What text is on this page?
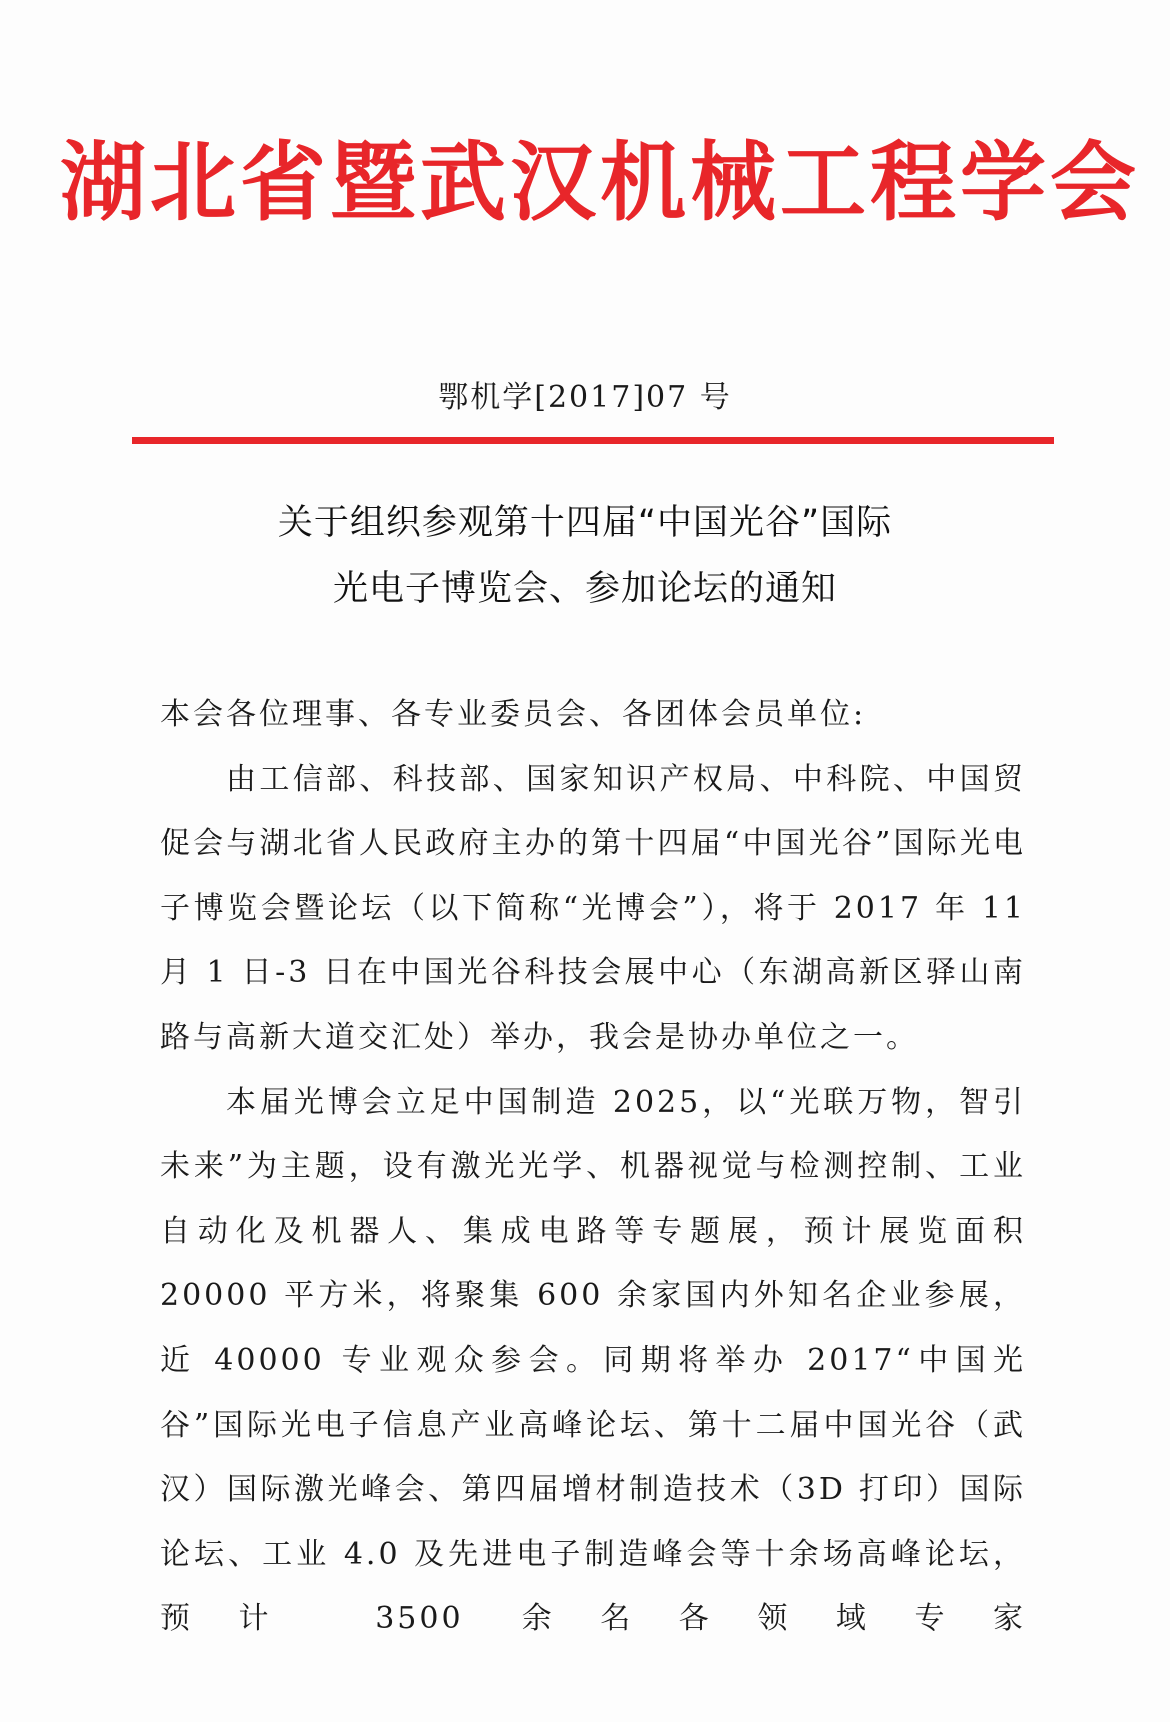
湖北省暨武汉机械工程学会
鄂机学[2017]07 号
关于组织参观第十四届“中国光谷”国际
光电子博览会、参加论坛的通知

本会各位理事、各专业委员会、各团体会员单位:

由工信部、科技部、国家知识产权局、中科院、中国贸促会与湖北省人民政府主办的第十四届“中国光谷”国际光电子博览会暨论坛（以下简称“光博会”），将于 2017 年 11 月 1 日-3 日在中国光谷科技会展中心（东湖高新区驿山南路与高新大道交汇处）举办，我会是协办单位之一。

本届光博会立足中国制造 2025，以“光联万物，智引未来”为主题，设有激光光学、机器视觉与检测控制、工业自动化及机器人、集成电路等专题展，预计展览面积 20000 平方米，将聚集 600 余家国内外知名企业参展，近 40000 专业观众参会。同期将举办 2017“中国光谷”国际光电子信息产业高峰论坛、第十二届中国光谷（武汉）国际激光峰会、第四届增材制造技术（3D 打印）国际论坛、工业 4.0 及先进电子制造峰会等十余场高峰论坛，预计 3500 余名各领域专家
